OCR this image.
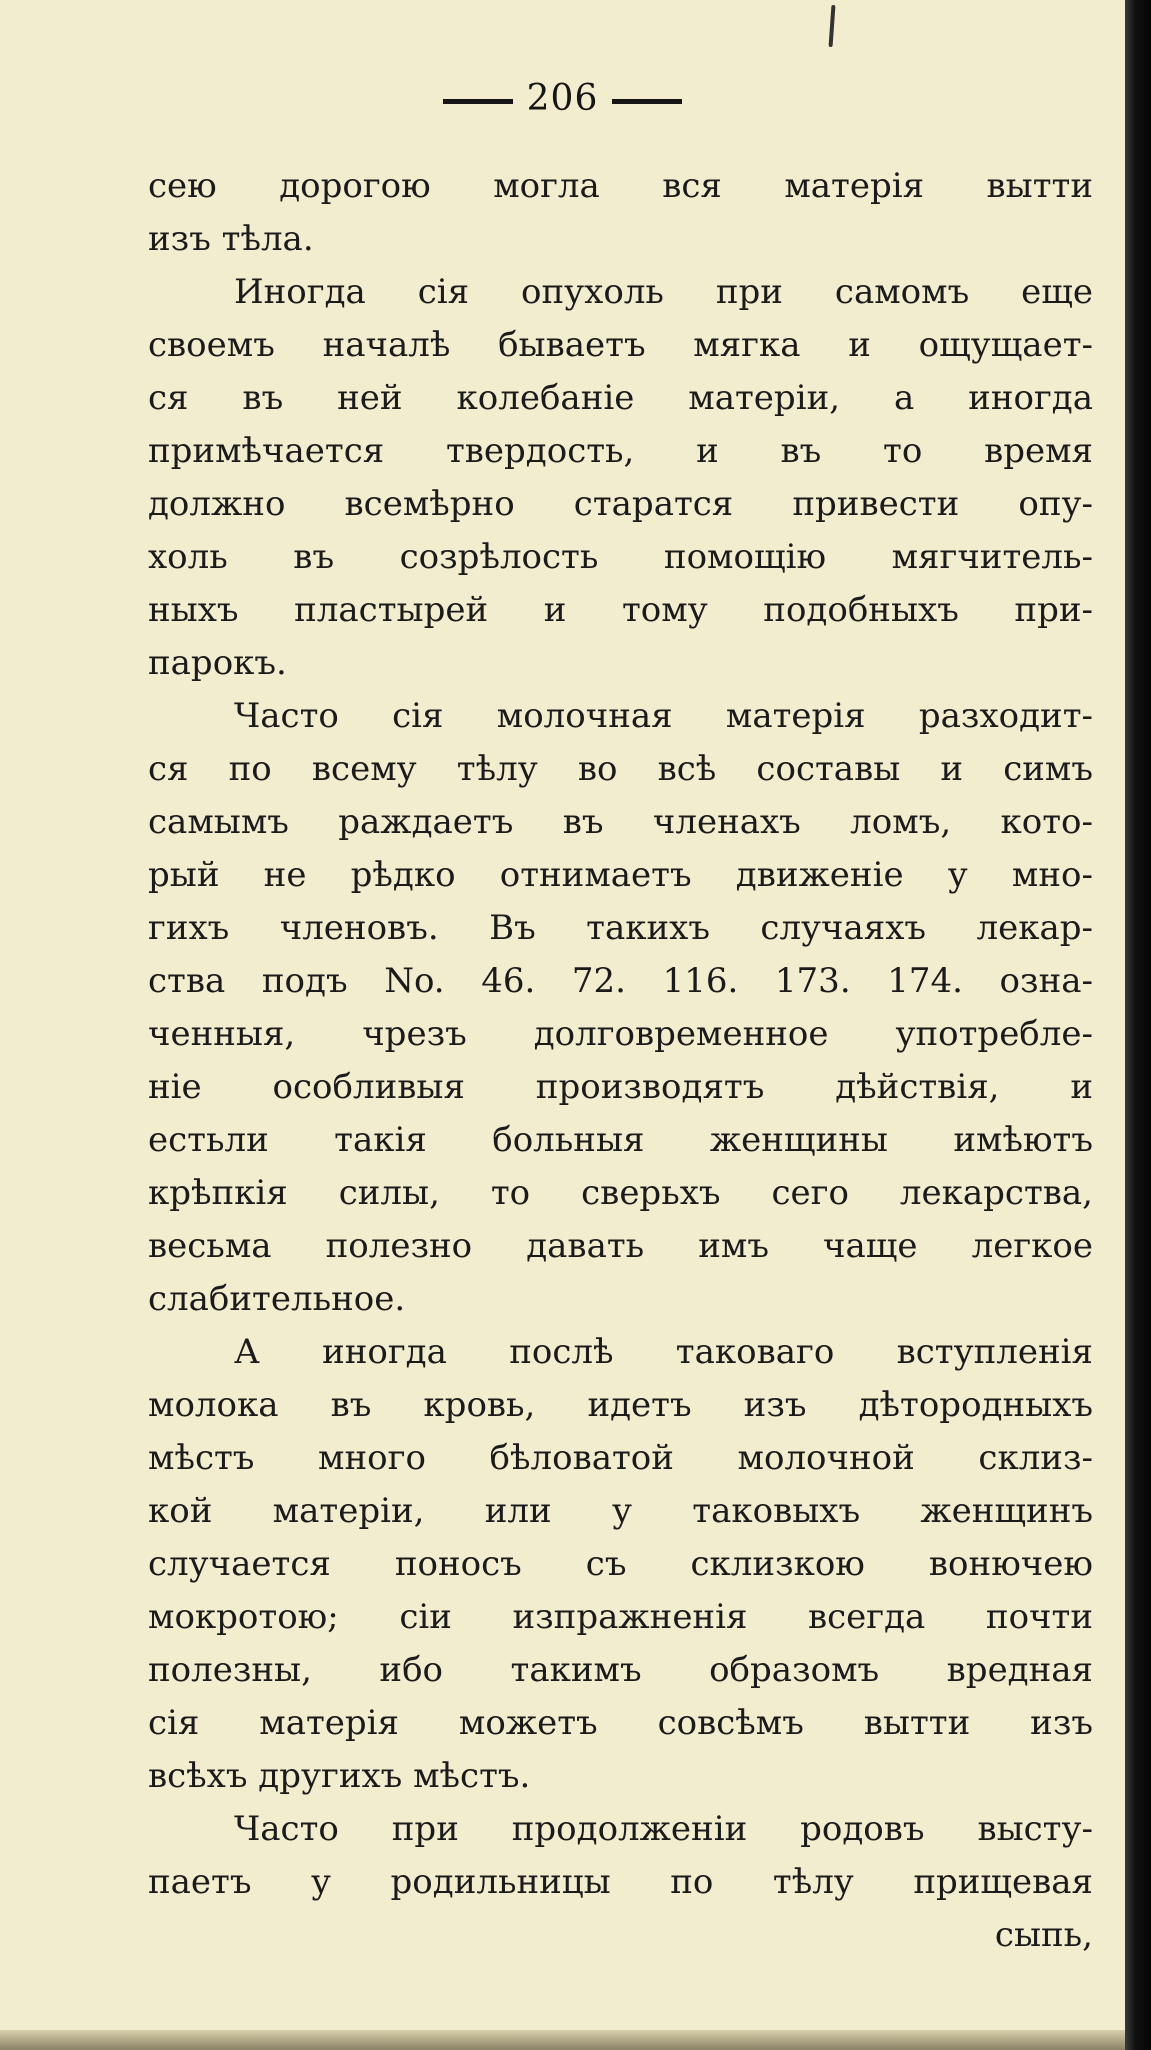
206
сею дорогою могла вся матерія вытти
изъ тѣла.
Иногда сія опухоль при самомъ еще
своемъ началѣ бываетъ мягка и ощущает-
ся въ ней колебаніе матеріи, а иногда
примѣчается твердость, и въ то время
должно всемѣрно старатся привести опу-
холь въ созрѣлость помощію мягчитель-
ныхъ пластырей и тому подобныхъ при-
парокъ.
Часто сія молочная матерія разходит-
ся по всему тѣлу во всѣ составы и симъ
самымъ раждаетъ въ членахъ ломъ, кото-
рый не рѣдко отнимаетъ движеніе у мно-
гихъ членовъ. Въ такихъ случаяхъ лекар-
ства подъ No. 46. 72. 116. 173. 174. озна-
ченныя, чрезъ долговременное употребле-
ніе особливыя производятъ дѣйствія, и
естьли такія больныя женщины имѣютъ
крѣпкія силы, то сверьхъ сего лекарства,
весьма полезно давать имъ чаще легкое
слабительное.
А иногда послѣ таковаго вступленія
молока въ кровь, идетъ изъ дѣтородныхъ
мѣстъ много бѣловатой молочной склиз-
кой матеріи, или у таковыхъ женщинъ
случается поносъ съ склизкою вонючею
мокротою; сіи изпражненія всегда почти
полезны, ибо такимъ образомъ вредная
сія матерія можетъ совсѣмъ вытти изъ
всѣхъ другихъ мѣстъ.
Часто при продолженіи родовъ высту-
паетъ у родильницы по тѣлу прищевая
сыпь,
